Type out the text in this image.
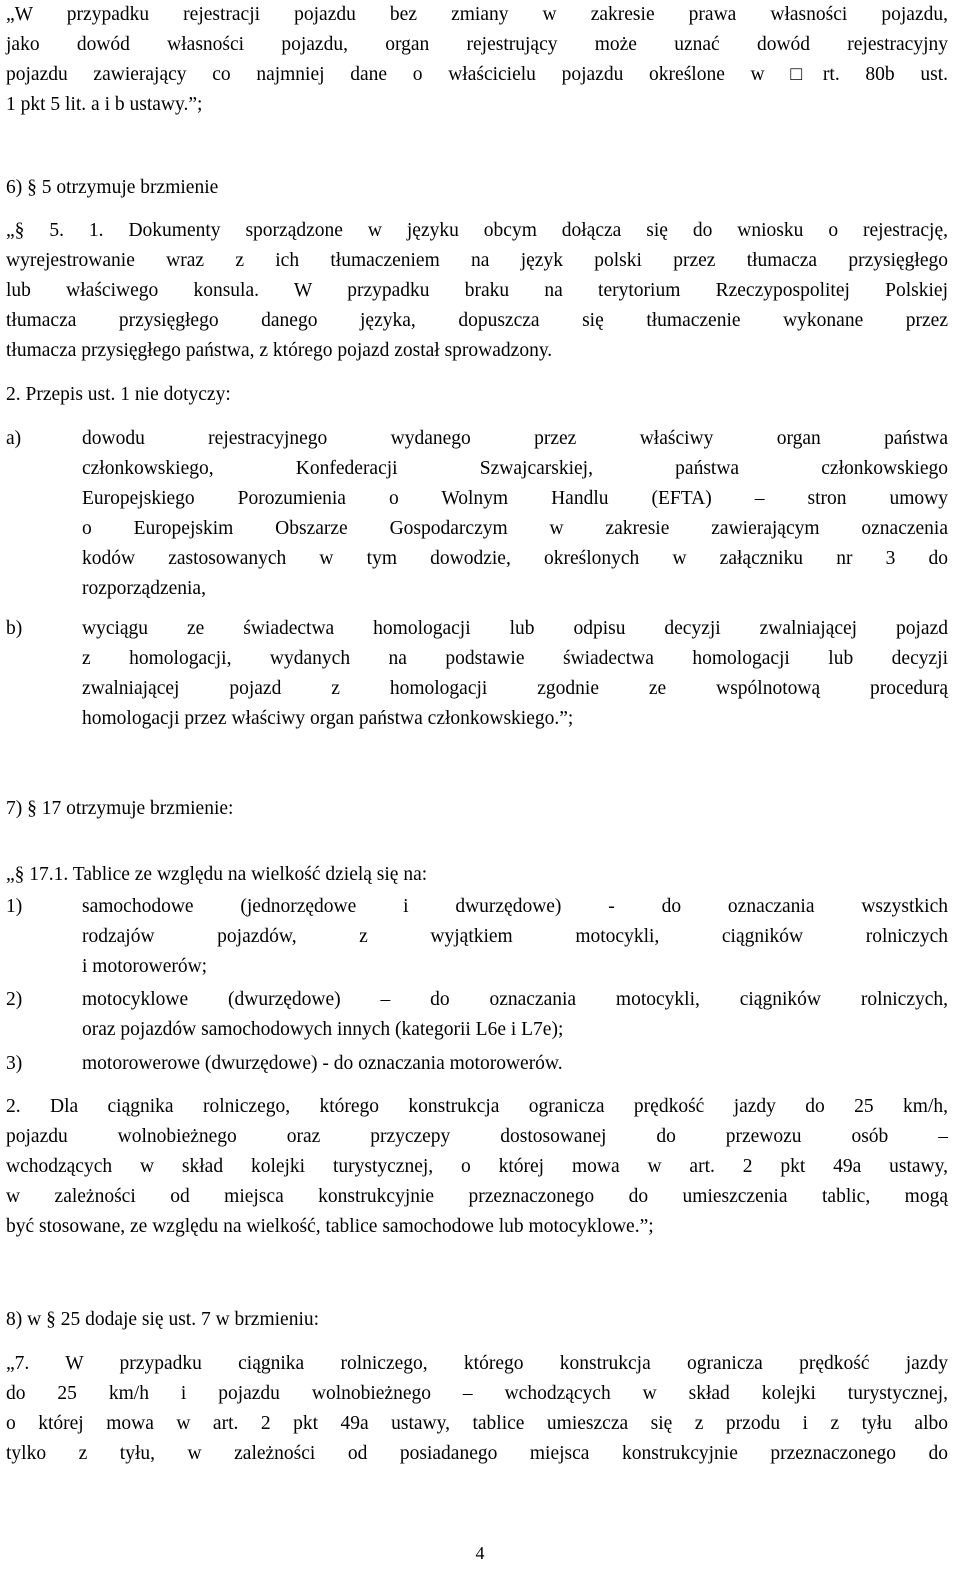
„W przypadku rejestracji pojazdu bez zmiany w zakresie prawa własności pojazdu,
jako dowód własności pojazdu, organ rejestrujący może uznać dowód rejestracyjny
pojazdu zawierający co najmniej dane o właścicielu pojazdu określone w □rt. 80b ust.
1 pkt 5 lit. a i b ustawy.”;
6) § 5 otrzymuje brzmienie
„§ 5. 1. Dokumenty sporządzone w języku obcym dołącza się do wniosku o rejestrację,
wyrejestrowanie wraz z ich tłumaczeniem na język polski przez tłumacza przysięgłego
lub właściwego konsula. W przypadku braku na terytorium Rzeczypospolitej Polskiej
tłumacza przysięgłego danego języka, dopuszcza się tłumaczenie wykonane przez
tłumacza przysięgłego państwa, z którego pojazd został sprowadzony.
2. Przepis ust. 1 nie dotyczy:
a)	dowodu rejestracyjnego wydanego przez właściwy organ państwa
członkowskiego, Konfederacji Szwajcarskiej, państwa członkowskiego
Europejskiego Porozumienia o Wolnym Handlu (EFTA) – stron umowy
o Europejskim Obszarze Gospodarczym w zakresie zawierającym oznaczenia
kodów zastosowanych w tym dowodzie, określonych w załączniku nr 3 do
rozporządzenia,
b)	wyciągu ze świadectwa homologacji lub odpisu decyzji zwalniającej pojazd
z homologacji, wydanych na podstawie świadectwa homologacji lub decyzji
zwalniającej pojazd z homologacji zgodnie ze wspólnotową procedurą
homologacji przez właściwy organ państwa członkowskiego.”;
7) § 17 otrzymuje brzmienie:
„§ 17.1. Tablice ze względu na wielkość dzielą się na:
1)	samochodowe (jednorzędowe i dwurzędowe) - do oznaczania wszystkich
rodzajów pojazdów, z wyjątkiem motocykli, ciągników rolniczych
i motorowerów;
2)	motocyklowe (dwurzędowe) – do oznaczania motocykli, ciągników rolniczych,
oraz pojazdów samochodowych innych (kategorii L6e i L7e);
3)	motorowerowe (dwurzędowe) - do oznaczania motorowerów.
2. Dla ciągnika rolniczego, którego konstrukcja ogranicza prędkość jazdy do 25 km/h,
pojazdu wolnobieżnego oraz przyczepy dostosowanej do przewozu osób –
wchodzących w skład kolejki turystycznej, o której mowa w art. 2 pkt 49a ustawy,
w zależności od miejsca konstrukcyjnie przeznaczonego do umieszczenia tablic, mogą
być stosowane, ze względu na wielkość, tablice samochodowe lub motocyklowe.”;
8) w § 25 dodaje się ust. 7 w brzmieniu:
„7. W przypadku ciągnika rolniczego, którego konstrukcja ogranicza prędkość jazdy
do 25 km/h i pojazdu wolnobieżnego – wchodzących w skład kolejki turystycznej,
o której mowa w art. 2 pkt 49a ustawy, tablice umieszcza się z przodu i z tyłu albo
tylko z tyłu, w zależności od posiadanego miejsca konstrukcyjnie przeznaczonego do
4
